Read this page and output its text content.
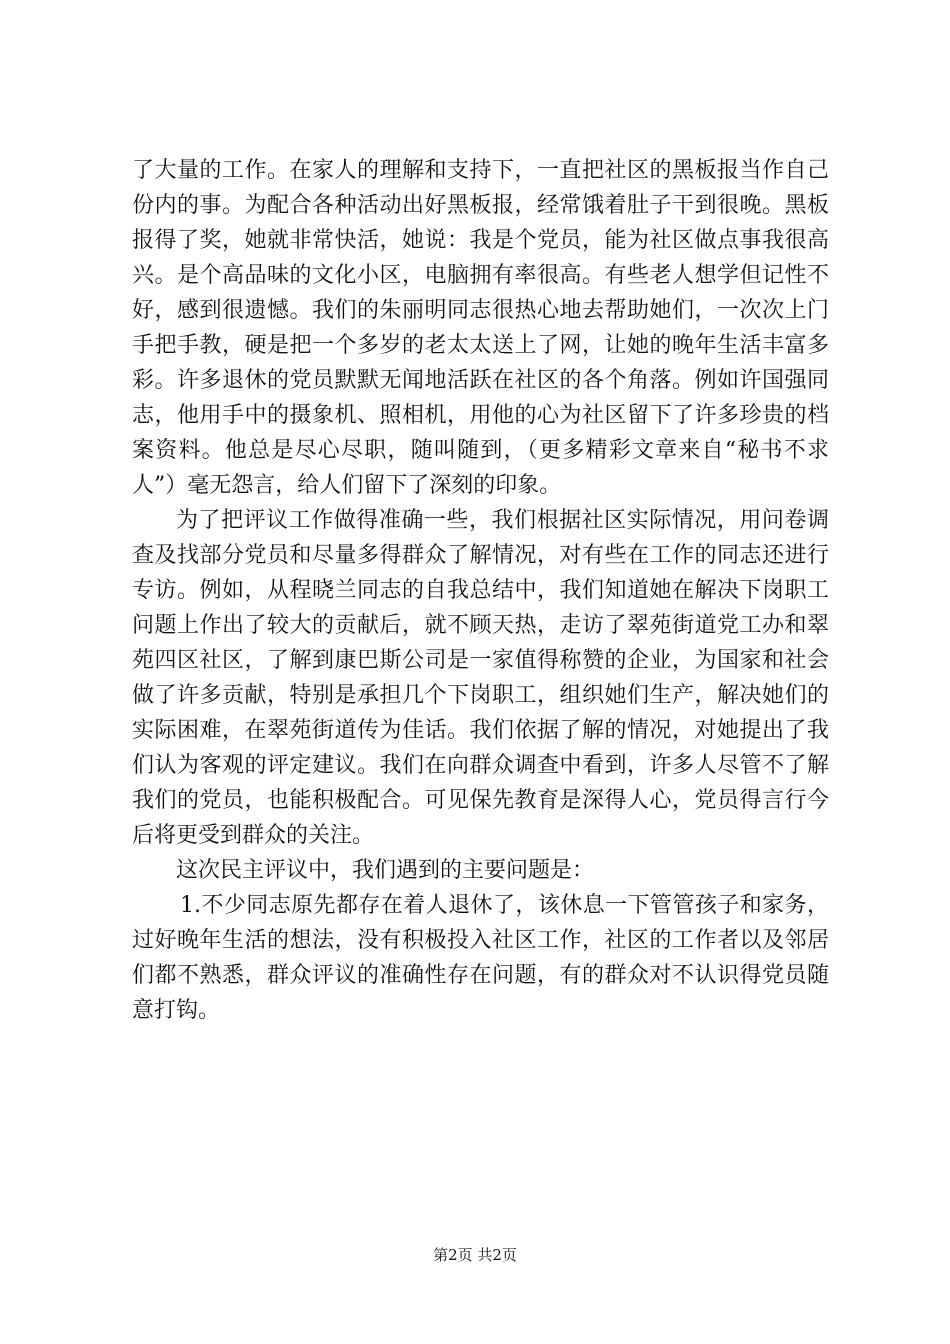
了大量的工作。在家人的理解和支持下，一直把社区的黑板报当作自己份内的事。为配合各种活动出好黑板报，经常饿着肚子干到很晚。黑板报得了奖，她就非常快活，她说：我是个党员，能为社区做点事我很高兴。是个高品味的文化小区，电脑拥有率很高。有些老人想学但记性不好，感到很遗憾。我们的朱丽明同志很热心地去帮助她们，一次次上门手把手教，硬是把一个多岁的老太太送上了网，让她的晚年生活丰富多彩。许多退休的党员默默无闻地活跃在社区的各个角落。例如许国强同志，他用手中的摄象机、照相机，用他的心为社区留下了许多珍贵的档案资料。他总是尽心尽职，随叫随到，（更多精彩文章来自“秘书不求人”）毫无怨言，给人们留下了深刻的印象。

为了把评议工作做得准确一些，我们根据社区实际情况，用问卷调查及找部分党员和尽量多得群众了解情况，对有些在工作的同志还进行专访。例如，从程晓兰同志的自我总结中，我们知道她在解决下岗职工问题上作出了较大的贡献后，就不顾天热，走访了翠苑街道党工办和翠苑四区社区，了解到康巴斯公司是一家值得称赞的企业，为国家和社会做了许多贡献，特别是承担几个下岗职工，组织她们生产，解决她们的实际困难，在翠苑街道传为佳话。我们依据了解的情况，对她提出了我们认为客观的评定建议。我们在向群众调查中看到，许多人尽管不了解我们的党员，也能积极配合。可见保先教育是深得人心，党员得言行今后将更受到群众的关注。

这次民主评议中，我们遇到的主要问题是：

1.不少同志原先都存在着人退休了，该休息一下管管孩子和家务，过好晚年生活的想法，没有积极投入社区工作，社区的工作者以及邻居们都不熟悉，群众评议的准确性存在问题，有的群众对不认识得党员随意打钩。

第2页 共2页
